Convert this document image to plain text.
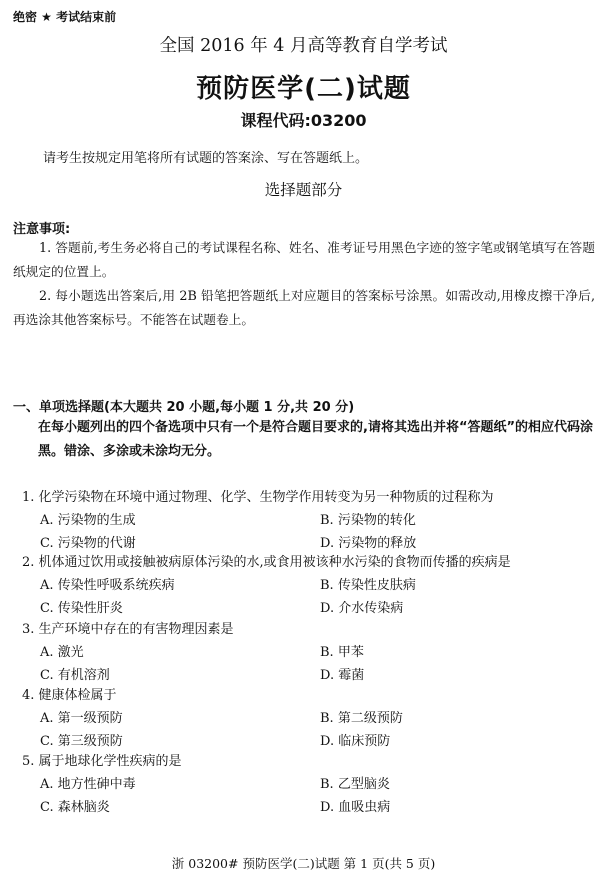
绝密 ★ 考试结束前
全国 2016 年 4 月高等教育自学考试
预防医学(二)试题
课程代码:03200
请考生按规定用笔将所有试题的答案涂、写在答题纸上。
选择题部分
注意事项:
1. 答题前,考生务必将自己的考试课程名称、姓名、准考证号用黑色字迹的签字笔或钢笔填写在答题纸规定的位置上。
2. 每小题选出答案后,用 2B 铅笔把答题纸上对应题目的答案标号涂黑。如需改动,用橡皮擦干净后,再选涂其他答案标号。不能答在试题卷上。
一、单项选择题(本大题共 20 小题,每小题 1 分,共 20 分)
在每小题列出的四个备选项中只有一个是符合题目要求的,请将其选出并将“答题纸”的相应代码涂黑。错涂、多涂或未涂均无分。
1. 化学污染物在环境中通过物理、化学、生物学作用转变为另一种物质的过程称为
A. 污染物的生成	B. 污染物的转化
C. 污染物的代谢	D. 污染物的释放
2. 机体通过饮用或接触被病原体污染的水,或食用被该种水污染的食物而传播的疾病是
A. 传染性呼吸系统疾病	B. 传染性皮肤病
C. 传染性肝炎	D. 介水传染病
3. 生产环境中存在的有害物理因素是
A. 激光	B. 甲苯
C. 有机溶剂	D. 霉菌
4. 健康体检属于
A. 第一级预防	B. 第二级预防
C. 第三级预防	D. 临床预防
5. 属于地球化学性疾病的是
A. 地方性砷中毒	B. 乙型脑炎
C. 森林脑炎	D. 血吸虫病
浙 03200# 预防医学(二)试题 第 1 页(共 5 页)
